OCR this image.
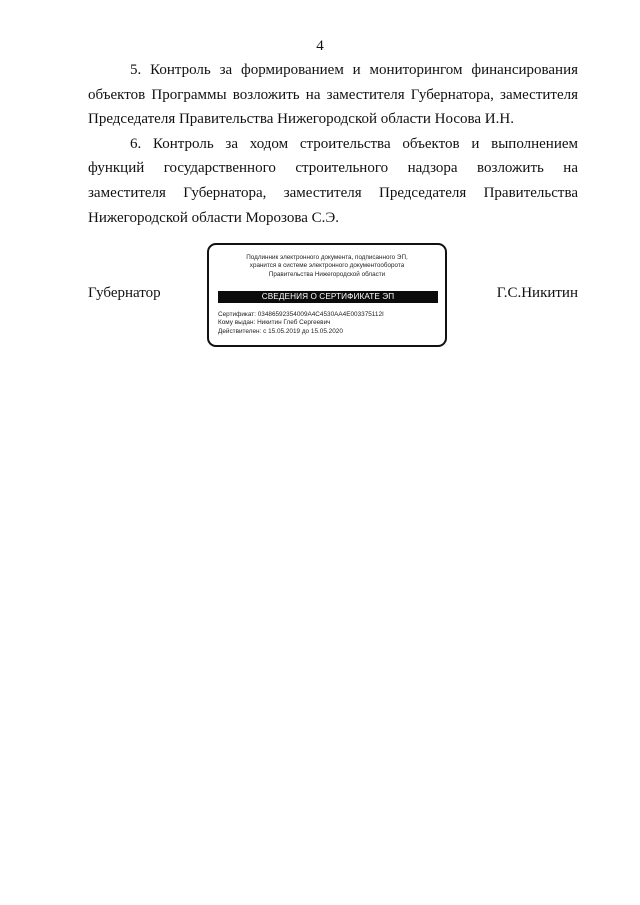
4

5. Контроль за формированием и мониторингом финансирования объектов Программы возложить на заместителя Губернатора, заместителя Председателя Правительства Нижегородской области Носова И.Н.

6. Контроль за ходом строительства объектов и выполнением функций государственного строительного надзора возложить на заместителя Губернатора, заместителя Председателя Правительства Нижегородской области Морозова С.Э.

Губернатор
Подлинник электронного документа, подписанного ЭП,
хранится в системе электронного документооборота
Правительства Нижегородской области
СВЕДЕНИЯ О СЕРТИФИКАТЕ ЭП
Сертификат: 03486592354009A4C4530AA4E003375112I
Кому выдан: Никитин Глеб Сергеевич
Действителен: с 15.05.2019 до 15.05.2020
Г.С.Никитин
